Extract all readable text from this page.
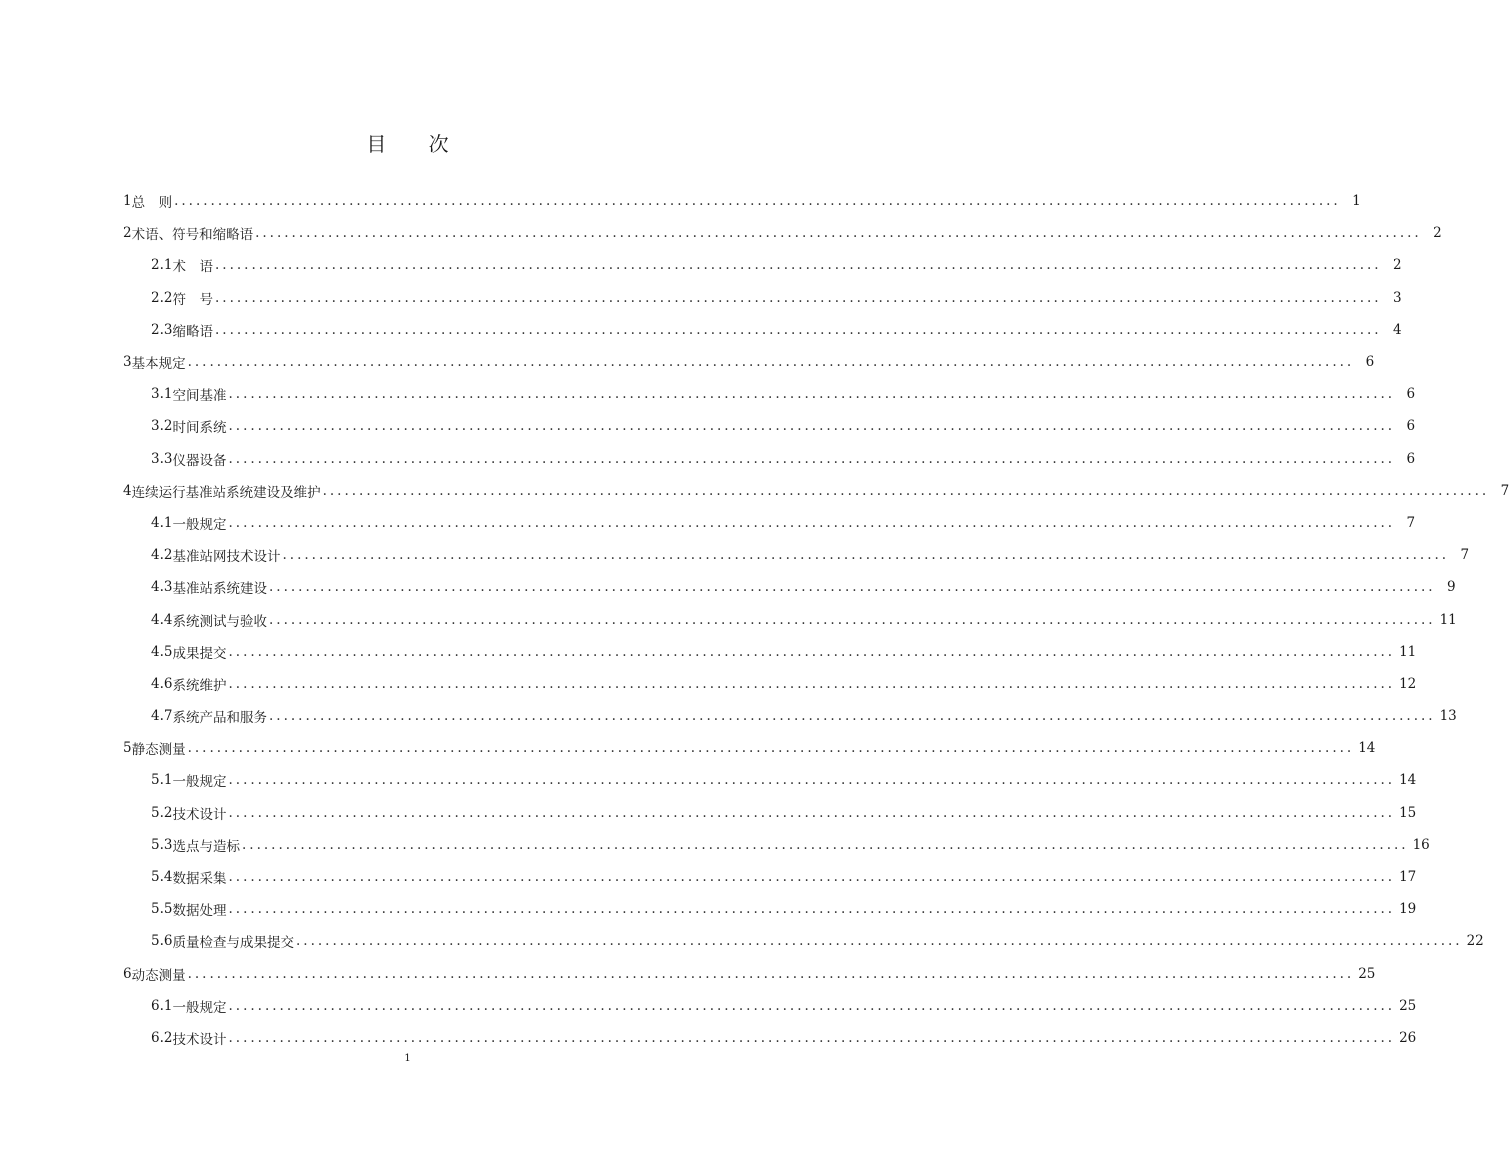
目 次
1 总　则 ................................................................................................................................................................ 1
2 术语、符号和缩略语 ................................................................................................................................................................ 2
2.1 术　语 ................................................................................................................................................................ 2
2.2 符　号 ................................................................................................................................................................ 3
2.3 缩略语 ................................................................................................................................................................ 4
3 基本规定 ................................................................................................................................................................ 6
3.1 空间基准 ................................................................................................................................................................ 6
3.2 时间系统 ................................................................................................................................................................ 6
3.3 仪器设备 ................................................................................................................................................................ 6
4 连续运行基准站系统建设及维护 ................................................................................................................................................................ 7
4.1 一般规定 ................................................................................................................................................................ 7
4.2 基准站网技术设计 ................................................................................................................................................................ 7
4.3 基准站系统建设 ................................................................................................................................................................ 9
4.4 系统测试与验收 ................................................................................................................................................................ 11
4.5 成果提交 ................................................................................................................................................................ 11
4.6 系统维护 ................................................................................................................................................................ 12
4.7 系统产品和服务 ................................................................................................................................................................ 13
5 静态测量 ................................................................................................................................................................ 14
5.1 一般规定 ................................................................................................................................................................ 14
5.2 技术设计 ................................................................................................................................................................ 15
5.3 选点与造标 ................................................................................................................................................................ 16
5.4 数据采集 ................................................................................................................................................................ 17
5.5 数据处理 ................................................................................................................................................................ 19
5.6 质量检查与成果提交 ................................................................................................................................................................ 22
6 动态测量 ................................................................................................................................................................ 25
6.1 一般规定 ................................................................................................................................................................ 25
6.2 技术设计 ................................................................................................................................................................ 26
1
